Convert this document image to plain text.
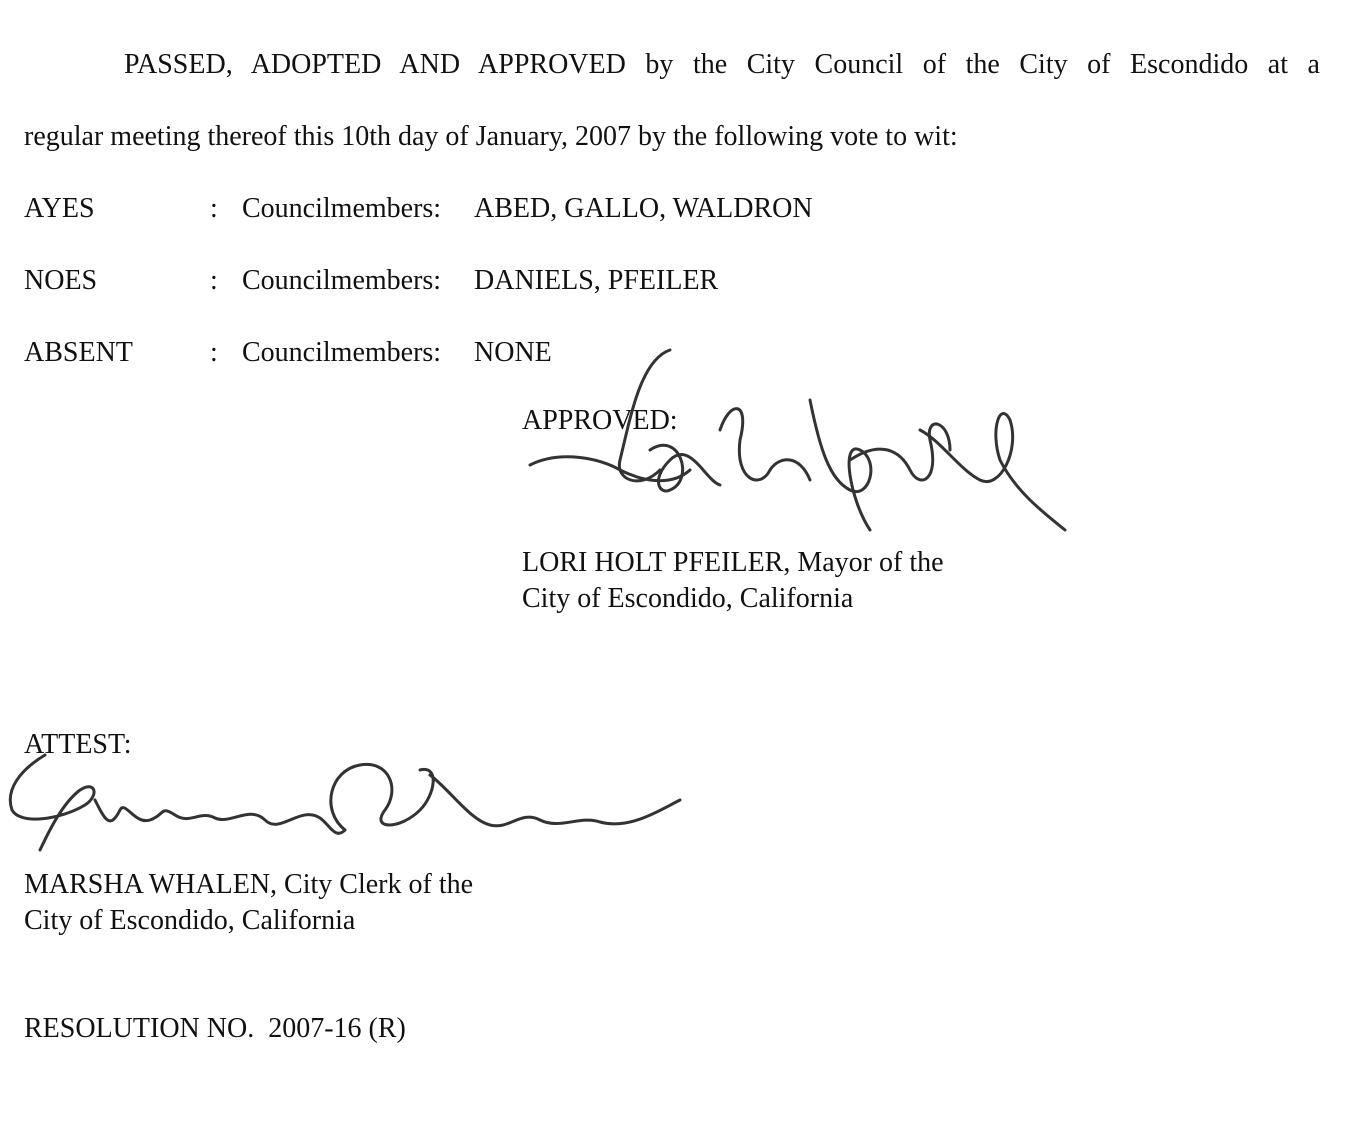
PASSED, ADOPTED AND APPROVED by the City Council of the City of Escondido at a
regular meeting thereof this 10th day of January, 2007 by the following vote to wit:
AYES	: Councilmembers: ABED, GALLO, WALDRON
NOES	: Councilmembers: DANIELS, PFEILER
ABSENT	: Councilmembers: NONE
APPROVED:
LORI HOLT PFEILER, Mayor of the
City of Escondido, California
ATTEST:
MARSHA WHALEN, City Clerk of the
City of Escondido, California
RESOLUTION NO.  2007-16 (R)
